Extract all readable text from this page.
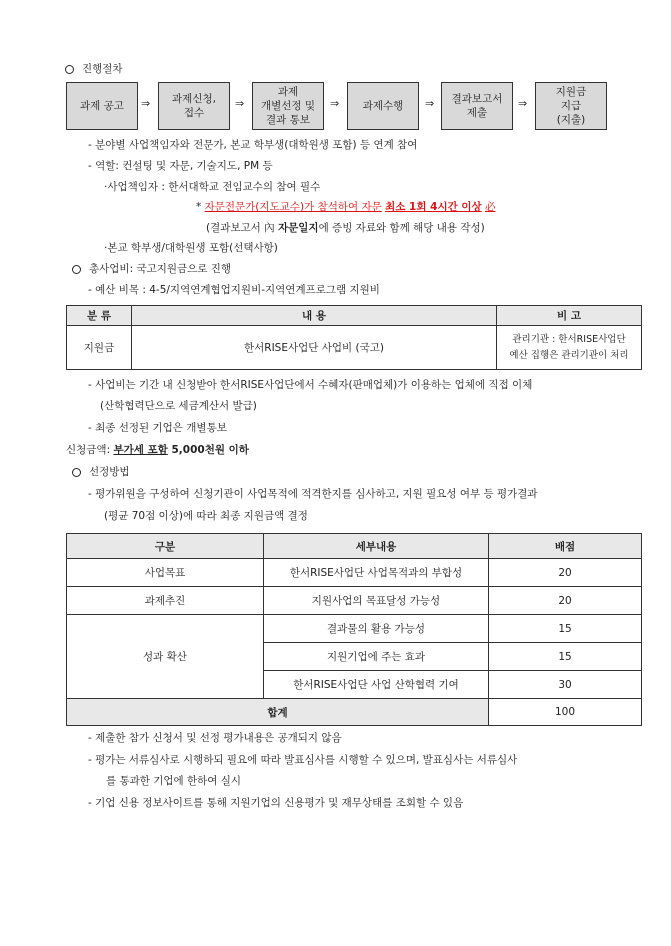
진행절차
과제 공고	⇒	과제신청,
접수
⇒
과제
개별선정 및
결과 통보
⇒	과제수행	⇒	결과보고서
제출
⇒
지원금
지급
(지출)
- 분야별 사업책임자와 전문가, 본교 학부생(대학원생 포함) 등 연계 참여
- 역할: 컨설팅 및 자문, 기술지도, PM 등
·사업책임자 : 한서대학교 전임교수의 참여 필수
* 자문전문가(지도교수)가 참석하여 자문 최소 1회 4시간 이상 必
(결과보고서 內 자문일지에 증빙 자료와 함께 해당 내용 작성)
·본교 학부생/대학원생 포함(선택사항)
총사업비: 국고지원금으로 진행
- 예산 비목 : 4-5/지역연계협업지원비-지역연계프로그램 지원비
분 류	내 용	비 고
지원금	한서RISE사업단 사업비 (국고)	관리기관 : 한서RISE사업단
예산 집행은 관리기관이 처리
- 사업비는 기간 내 신청받아 한서RISE사업단에서 수혜자(판매업체)가 이용하는 업체에 직접 이체
(산학협력단으로 세금계산서 발급)
- 최종 선정된 기업은 개별통보
신청금액: 부가세 포함 5,000천원 이하
선정방법
- 평가위원을 구성하여 신청기관이 사업목적에 적격한지를 심사하고, 지원 필요성 여부 등 평가결과
(평균 70점 이상)에 따라 최종 지원금액 결정
구분	세부내용	배점
사업목표	한서RISE사업단 사업목적과의 부합성	20
과제추진	지원사업의 목표달성 가능성	20
성과 확산	결과물의 활용 가능성	15
	지원기업에 주는 효과	15
	한서RISE사업단 사업 산학협력 기여	30
합계		100
- 제출한 참가 신청서 및 선정 평가내용은 공개되지 않음
- 평가는 서류심사로 시행하되 필요에 따라 발표심사를 시행할 수 있으며, 발표심사는 서류심사
를 통과한 기업에 한하여 실시
- 기업 신용 정보사이트를 통해 지원기업의 신용평가 및 재무상태를 조회할 수 있음
